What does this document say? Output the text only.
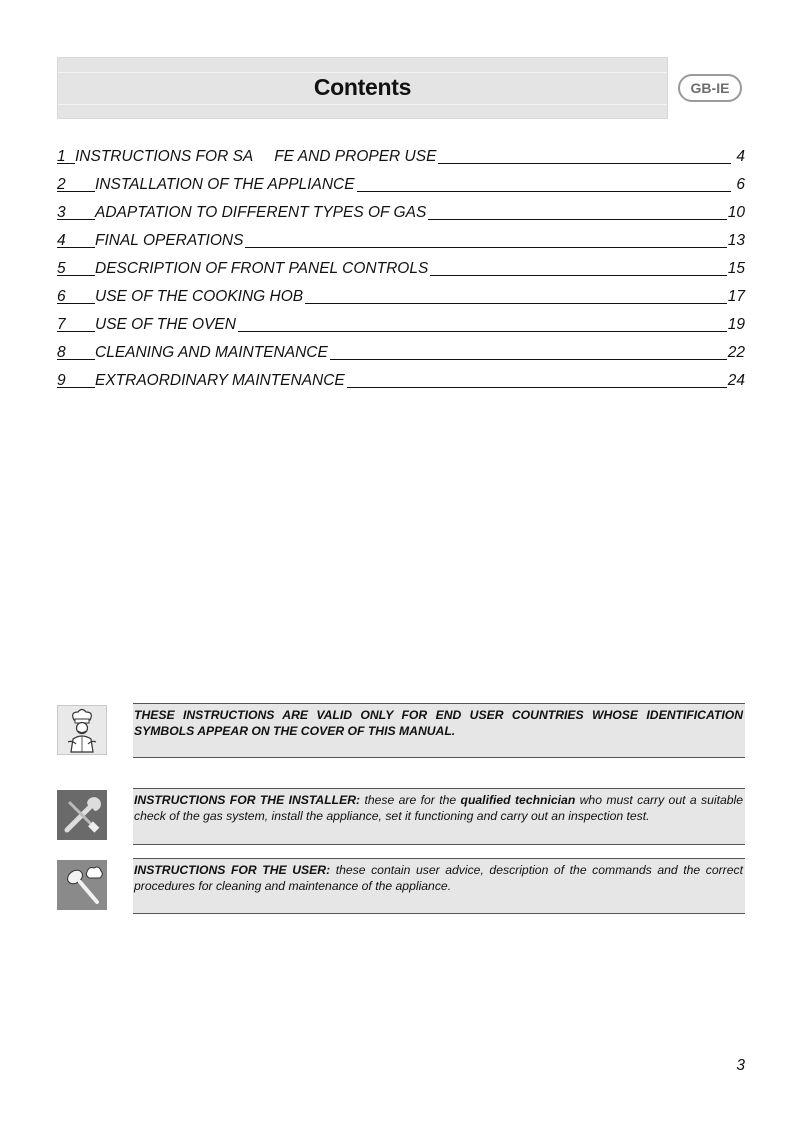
Contents	GB-IE
1 INSTRUCTIONS FOR SA     FE AND PROPER USE	4
2 INSTALLATION OF THE APPLIANCE	6
3 ADAPTATION TO DIFFERENT TYPES OF GAS	10
4 FINAL OPERATIONS	13
5 DESCRIPTION OF FRONT PANEL CONTROLS	15
6 USE OF THE COOKING HOB	17
7 USE OF THE OVEN	19
8 CLEANING AND MAINTENANCE	22
9 EXTRAORDINARY MAINTENANCE	24
THESE INSTRUCTIONS ARE VALID ONLY FOR END USER COUNTRIES WHOSE IDENTIFICATION SYMBOLS APPEAR ON THE COVER OF THIS MANUAL.
INSTRUCTIONS FOR THE INSTALLER: these are for the qualified technician who must carry out a suitable check of the gas system, install the appliance, set it functioning and carry out an inspection test.
INSTRUCTIONS FOR THE USER: these contain user advice, description of the commands and the correct procedures for cleaning and maintenance of the appliance.
3
